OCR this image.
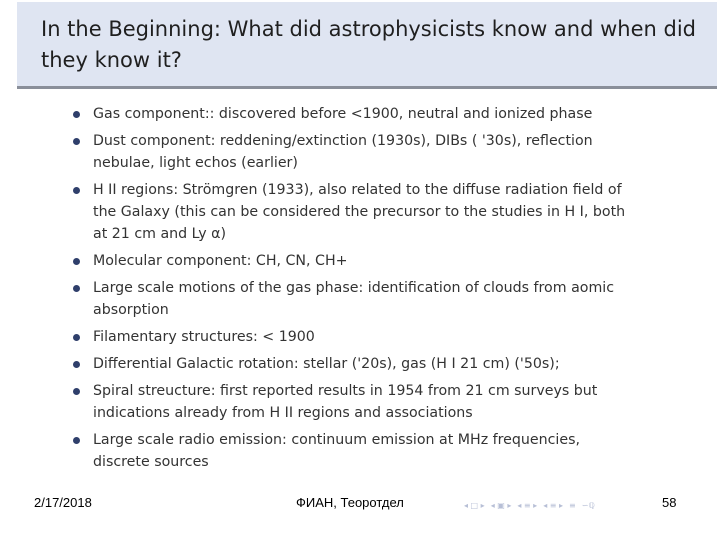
In the Beginning: What did astrophysicists know and when did they know it?
Gas component:: discovered before <1900, neutral and ionized phase
Dust component: reddening/extinction (1930s), DIBs ( '30s), reflection nebulae, light echos (earlier)
H II regions: Strömgren (1933), also related to the diffuse radiation field of the Galaxy (this can be considered the precursor to the studies in H I, both at 21 cm and Ly α)
Molecular component: CH, CN, CH+
Large scale motions of the gas phase: identification of clouds from aomic absorption
Filamentary structures: < 1900
Differential Galactic rotation: stellar ('20s), gas (H I 21 cm) ('50s);
Spiral streucture: first reported results in 1954 from 21 cm surveys but indications already from H II regions and associations
Large scale radio emission: continuum emission at MHz frequencies, discrete sources
◂ □ ▸ ◂ ▣ ▸ ◂ ≡ ▸ ◂ ≡ ▸ ≡ ∽ℚ
2/17/2018	ФИАН, Теоротдел	58
